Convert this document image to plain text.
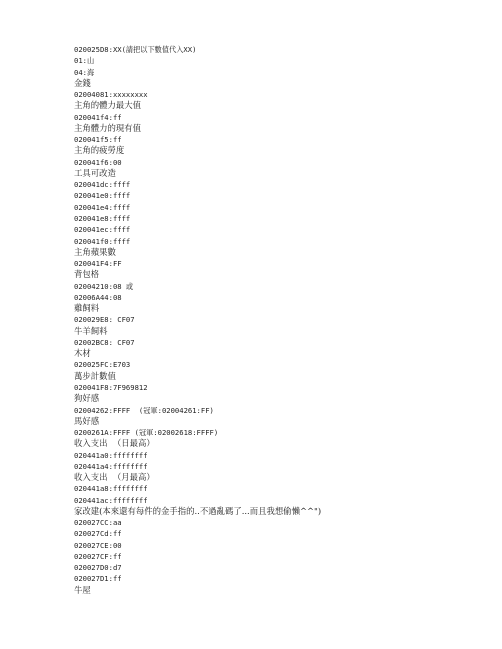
020025D8:XX(請把以下數值代入XX)
01:山
04:海
金錢
02004081:xxxxxxxx
主角的體力最大值
020041f4:ff
主角體力的現有值
020041f5:ff
主角的疲勞度
020041f6:00
工具可改造
020041dc:ffff
020041e0:ffff
020041e4:ffff
020041e8:ffff
020041ec:ffff
020041f0:ffff
主角蘋果數
020041F4:FF
背包格
02004210:08 或
02006A44:08
雞飼料
020029E8: CF07
牛羊飼料
02002BC8: CF07
木材
020025FC:E703
萬步計數值
020041F8:7F969812
狗好感
02004262:FFFF  (冠軍:02004261:FF)
馬好感
0200261A:FFFF (冠軍:02002618:FFFF)
收入支出  （日最高）
020441a0:ffffffff
020441a4:ffffffff
收入支出  （月最高）
020441a8:ffffffff
020441ac:ffffffff
家改建(本來還有每件的金手指的..不過亂碼了...而且我想偷懶^^")
020027CC:aa
020027Cd:ff
020027CE:00
020027CF:ff
020027D0:d7
020027D1:ff
牛屋
